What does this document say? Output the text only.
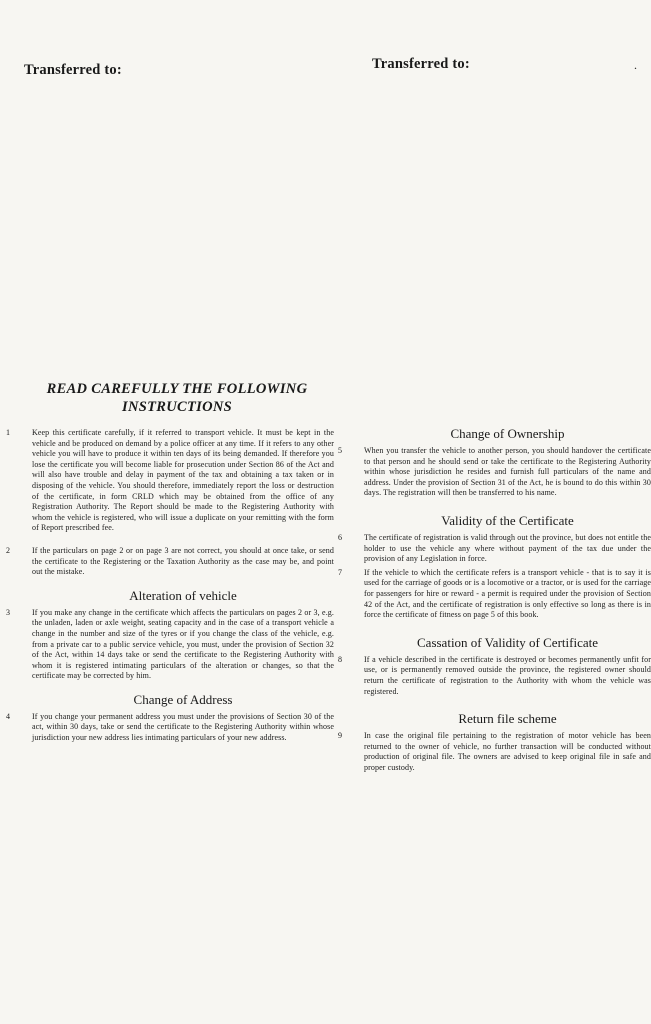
Transferred to:	Transferred to:	.
READ CAREFULLY THE FOLLOWING
INSTRUCTIONS
1	Keep this certificate carefully, if it referred to transport vehicle. It must be kept in the vehicle and be produced on demand by a police officer at any time. If it refers to any other vehicle you will have to produce it within ten days of its being demanded. If therefore you lose the certificate you will become liable for prosecution under Section 86 of the Act and will also have trouble and delay in payment of the tax and obtaining a tax taken or in disposing of the vehicle. You should therefore, immediately report the loss or destruction of the certificate, in form CRLD which may be obtained from the office of any Registration Authority. The Report should be made to the Registering Authority with whom the vehicle is registered, who will issue a duplicate on your remitting with the form of Report prescribed fee.

2	If the particulars on page 2 or on page 3 are not correct, you should at once take, or send the certificate to the Registering or the Taxation Authority as the case may be, and point out the mistake.

Alteration of vehicle
3	If you make any change in the certificate which affects the particulars on pages 2 or 3, e.g. the unladen, laden or axle weight, seating capacity and in the case of a transport vehicle a change in the number and size of the tyres or if you change the class of the vehicle, e.g. from a private car to a public service vehicle, you must, under the provision of Section 32 of the Act, within 14 days take or send the certificate to the Registering Authority with whom it is registered intimating particulars of the alteration or changes, so that the certificate may be corrected by him.

Change of Address
4	If you change your permanent address you must under the provisions of Section 30 of the act, within 30 days, take or send the certificate to the Registering Authority within whose jurisdiction your new address lies intimating particulars of your new address.

Change of Ownership
5	When you transfer the vehicle to another person, you should handover the certificate to that person and he should send or take the certificate to the Registering Authority within whose jurisdiction he resides and furnish full particulars of the name and address. Under the provision of Section 31 of the Act, he is bound to do this within 30 days. The registration will then be transferred to his name.

Validity of the Certificate
6	The certificate of registration is valid through out the province, but does not entitle the holder to use the vehicle any where without payment of the tax due under the provision of any Legislation in force.

7	If the vehicle to which the certificate refers is a transport vehicle - that is to say it is used for the carriage of goods or is a locomotive or a tractor, or is used for the carriage for passengers for hire or reward - a permit is required under the provision of Section 42 of the Act, and the certificate of registration is only effective so long as there is in force the certificate of fitness on page 5 of this book.

Cassation of Validity of Certificate
8	If a vehicle described in the certificate is destroyed or becomes permanently unfit for use, or is permanently removed outside the province, the registered owner should return the certificate of registration to the Authority with whom the vehicle was registered.

Return file scheme
9	In case the original file pertaining to the registration of motor vehicle has been returned to the owner of vehicle, no further transaction will be conducted without production of original file. The owners are advised to keep original file in safe and proper custody.
